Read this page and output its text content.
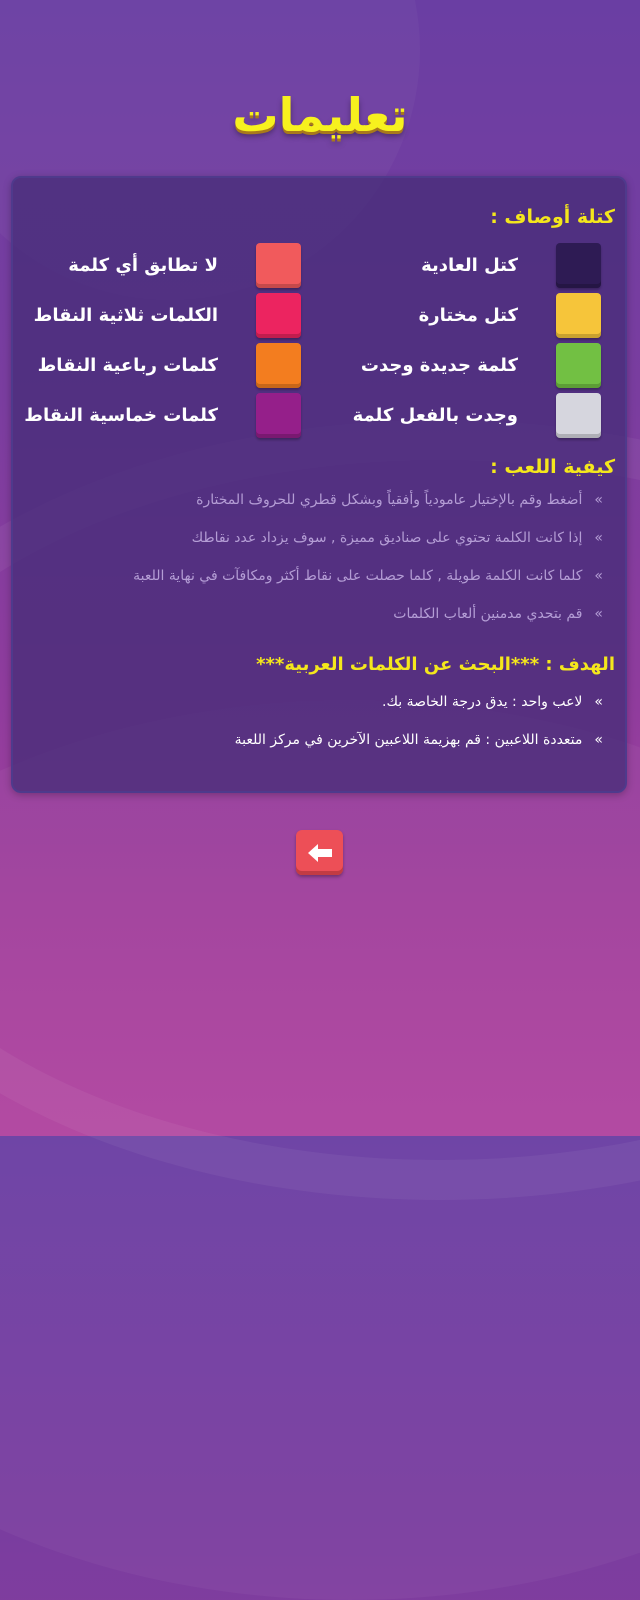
تعليمات
كتلة أوصاف :
كتل العادية
كتل مختارة
كلمة جديدة وجدت
وجدت بالفعل كلمة
لا تطابق أي كلمة
الكلمات ثلاثية النقاط
كلمات رباعية النقاط
كلمات خماسية النقاط
كيفية اللعب :
»
أضغط وقم بالإختيار عامودياً وأفقياً وبشكل قطري للحروف المختارة
»
إذا كانت الكلمة تحتوي على صناديق مميزة , سوف يزداد عدد نقاطك
»
كلما كانت الكلمة طويلة , كلما حصلت على نقاط أكثر ومكافآت في نهاية اللعبة
»
قم بتحدي مدمنين ألعاب الكلمات
الهدف : ***البحث عن الكلمات العربية***
»
لاعب واحد : يدق درجة الخاصة بك.
»
متعددة اللاعبين : قم بهزيمة اللاعبين الآخرين في مركز اللعبة
